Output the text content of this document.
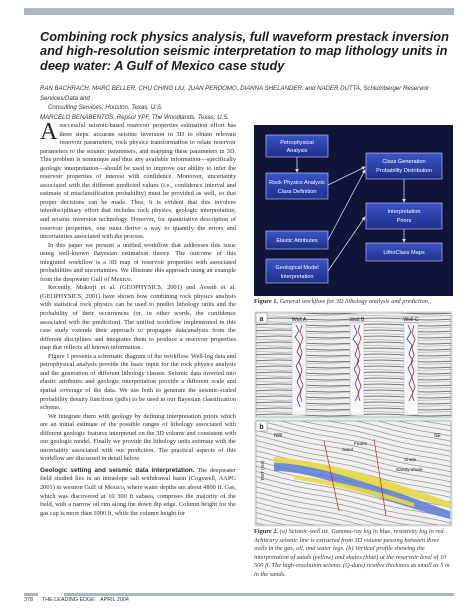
Combining rock physics analysis, full waveform prestack inversion and high-resolution seismic interpretation to map lithology units in deep water: A Gulf of Mexico case study
RAN BACHRACH, MARC BELLER, CHU CHING LIU, JUAN PERDOMO, DIANNA SHELANDER, and NADER DUTTA, Schlumberger Reservoir Services/Data and
Consulting Services, Houston, Texas, U.S.
MARCELO BENABENTOS, Repsol YPF, The Woodlands, Texas, U.S.

A successful seismic-based reservoir properties estimation effort has three steps: accurate seismic inversion in 3D to obtain relevant reservoir parameters, rock physics transformation to relate reservoir parameters to the seismic parameters, and mapping these parameters in 3D. This problem is nonunique and thus any available information—specifically geologic interpretation—should be used to improve our ability to infer the reservoir properties of interest with confidence. Moreover, uncertainty associated with the different predicted values (i.e., confidence interval and estimate of misclassification probability) must be provided as well, so that proper decisions can be made. Thus, it is evident that this involves interdisciplinary effort that includes rock physics, geologic interpretation, and seismic inversion technology. However, for quantitative description of reservoir properties, one must derive a way to quantify the errors and uncertainties associated with the process.

In this paper we present a unified workflow that addresses this issue using well-known Bayesian estimation theory. The outcome of this integrated workflow is a 3D map of reservoir properties with associated probabilities and uncertainties. We illustrate this approach using an example from the deepwater Gulf of Mexico.

Recently, Mukerji et al. (GEOPHYSICS, 2001) and Avseth et al. (GEOPHYSICS, 2001) have shown how combining rock physics analysis with statistical rock physics can be used to predict lithology units and the probability of their occurrences (or, in other words, the confidence associated with the prediction). The unified workflow implemented in this case study extends their approach to propagate data/analysis from the different disciplines and integrates them to produce a reservoir properties map that reflects all known information.

Figure 1 presents a schematic diagram of the workflow. Well-log data and petrophysical analysis provide the basic input for the rock physics analysis and the generation of different lithology classes. Seismic data inverted into elastic attributes and geologic interpretation provide a different scale and spatial coverage of the data. We use both to generate the seismic-scaled probability density functions (pdfs) to be used in our Bayesian classification scheme.

We integrate them with geology by defining interpretation priors which are an initial estimate of the possible ranges of lithology associated with different geologic features interpreted on the 3D volume and consistent with our geologic model. Finally we provide the lithology units estimate with the uncertainty associated with our prediction. The practical aspects of this workflow are discussed in detail below.

Geologic setting and seismic data interpretation. The deepwater field studied lies in an intraslope salt withdrawal basin (Cogswell, AAPG 2001) in western Gulf of Mexico, where water depths are about 4800 ft. Gas, which was discovered at 10 300 ft subsea, comprises the majority of the field, with a narrow oil rim along the down dip edge. Column height for the gas cap is more than 1000 ft, while the column height for

Petrophysical
Analysis
Rock Physics Analysis
Class Definition
Class Generation
Probability Distribution
Interpretation
Priors
Elastic Attributes
Geological Model
Interpretation
LithoClass Maps

Figure 1. General workflow for 3D lithology analysis and prediction.

a	Well A	Well B	Well C
b
NW	SE
TWT (ms)
Sand
Shale
Sandy shale
Faults

Figure 2. (a) Seismic-well tie. Gamma-ray log in blue, resistivity log in red. Arbitrary seismic line is extracted from 3D volume passing between three wells in the gas, oil, and water legs. (b) Vertical profile showing the interpretation of sands (yellow) and shales (blue) at the reservoir level of 10 500 ft. The high-resolution seismic (Q-data) resolve thickness as small as 5 m in the sands.

378 THE LEADING EDGE APRIL 2004
